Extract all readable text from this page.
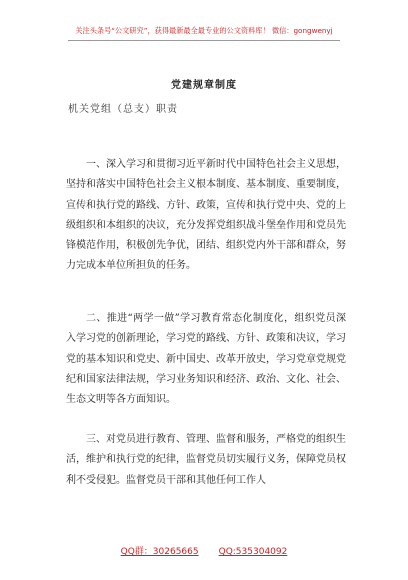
关注头条号“公文研究”，获得最新最全最专业的公文资料库！ 微信：gongwenyj
党建规章制度
机关党组（总支）职责

一、深入学习和贯彻习近平新时代中国特色社会主义思想，坚持和落实中国特色社会主义根本制度、基本制度、重要制度，宣传和执行党的路线、方针、政策，宣传和执行党中央、党的上级组织和本组织的决议，充分发挥党组织战斗堡垒作用和党员先锋模范作用，积极创先争优，团结、组织党内外干部和群众，努力完成本单位所担负的任务。

二、推进“两学一做”学习教育常态化制度化，组织党员深入学习党的创新理论，学习党的路线、方针、政策和决议，学习党的基本知识和党史、新中国史、改革开放史，学习党章党规党纪和国家法律法规，学习业务知识和经济、政治、文化、社会、生态文明等各方面知识。

三、对党员进行教育、管理、监督和服务，严格党的组织生活，维护和执行党的纪律，监督党员切实履行义务，保障党员权利不受侵犯。监督党员干部和其他任何工作人

QQ群：30265665 QQ:535304092
